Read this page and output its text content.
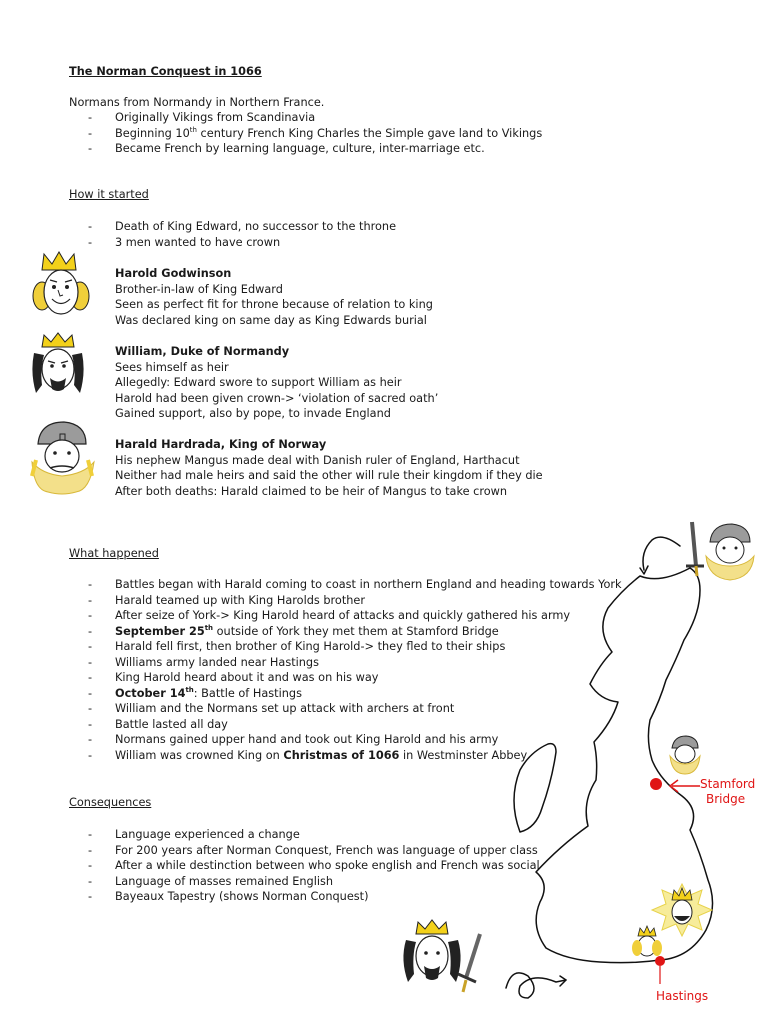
The Norman Conquest in 1066
Normans from Normandy in Northern France.
- Originally Vikings from Scandinavia
- Beginning 10th century French King Charles the Simple gave land to Vikings
- Became French by learning language, culture, inter-marriage etc.
How it started
- Death of King Edward, no successor to the throne
- 3 men wanted to have crown
Harold Godwinson
Brother-in-law of King Edward
Seen as perfect fit for throne because of relation to king
Was declared king on same day as King Edwards burial
William, Duke of Normandy
Sees himself as heir
Allegedly: Edward swore to support William as heir
Harold had been given crown-> ‘violation of sacred oath’
Gained support, also by pope, to invade England
Harald Hardrada, King of Norway
His nephew Mangus made deal with Danish ruler of England, Harthacut
Neither had male heirs and said the other will rule their kingdom if they die
After both deaths: Harald claimed to be heir of Mangus to take crown
What happened
- Battles began with Harald coming to coast in northern England and heading towards York
- Harald teamed up with King Harolds brother
- After seize of York-> King Harold heard of attacks and quickly gathered his army
- September 25th outside of York they met them at Stamford Bridge
- Harald fell first, then brother of King Harold-> they fled to their ships
- Williams army landed near Hastings
- King Harold heard about it and was on his way
- October 14th: Battle of Hastings
- William and the Normans set up attack with archers at front
- Battle lasted all day
- Normans gained upper hand and took out King Harold and his army
- William was crowned King on Christmas of 1066 in Westminster Abbey
Consequences
- Language experienced a change
- For 200 years after Norman Conquest, French was language of upper class
- After a while destinction between who spoke english and French was social
- Language of masses remained English
- Bayeaux Tapestry (shows Norman Conquest)
Stamford
Bridge
Hastings
